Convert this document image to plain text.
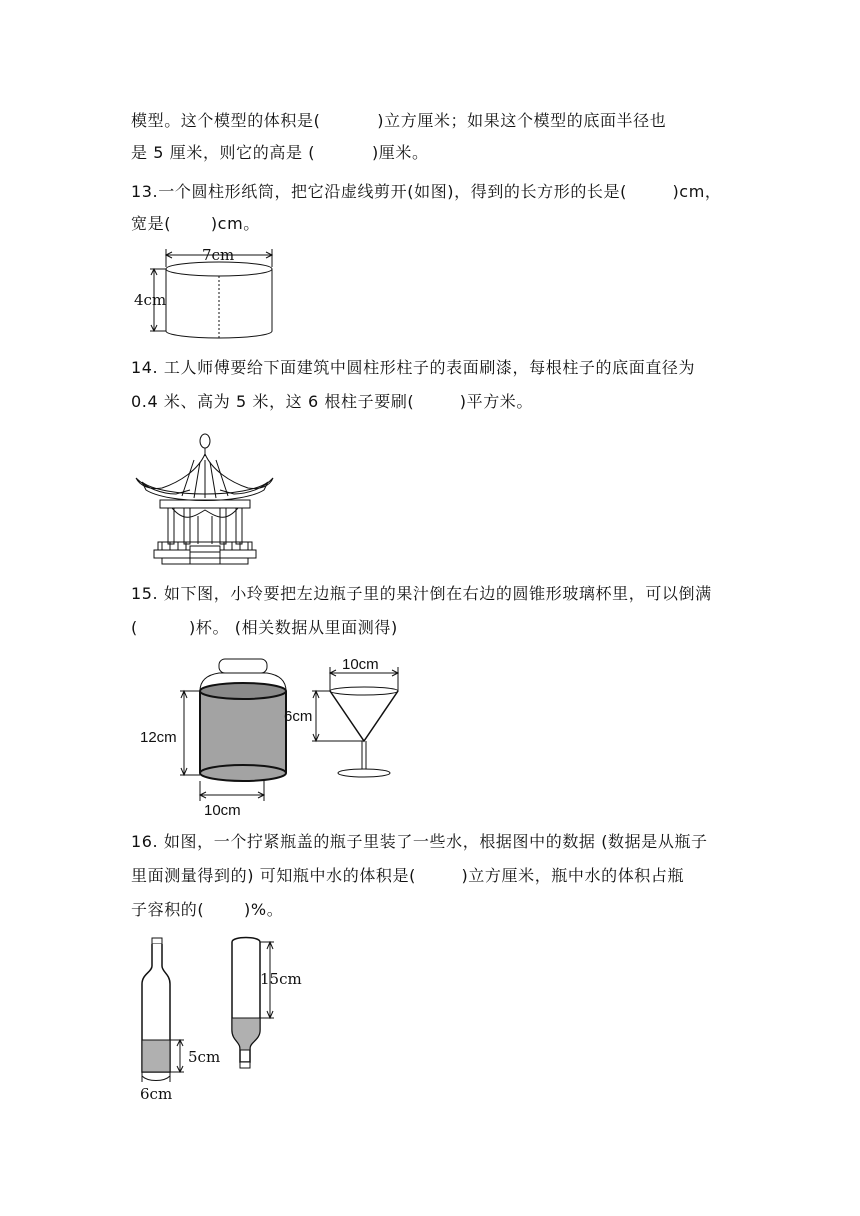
模型。这个模型的体积是(          )立方厘米；如果这个模型的底面半径也
是 5 厘米，则它的高是 (          )厘米。
13.一个圆柱形纸筒，把它沿虚线剪开(如图)，得到的长方形的长是(        )cm，
宽是(       )cm。
7cm
4cm
14. 工人师傅要给下面建筑中圆柱形柱子的表面刷漆，每根柱子的底面直径为
0.4 米、高为 5 米，这 6 根柱子要刷(        )平方米。
15. 如下图，小玲要把左边瓶子里的果汁倒在右边的圆锥形玻璃杯里，可以倒满
(         )杯。 (相关数据从里面测得)
12cm
10cm
10cm
6cm
16. 如图，一个拧紧瓶盖的瓶子里装了一些水，根据图中的数据 (数据是从瓶子
里面测量得到的) 可知瓶中水的体积是(        )立方厘米，瓶中水的体积占瓶
子容积的(       )%。
5cm
6cm
15cm
